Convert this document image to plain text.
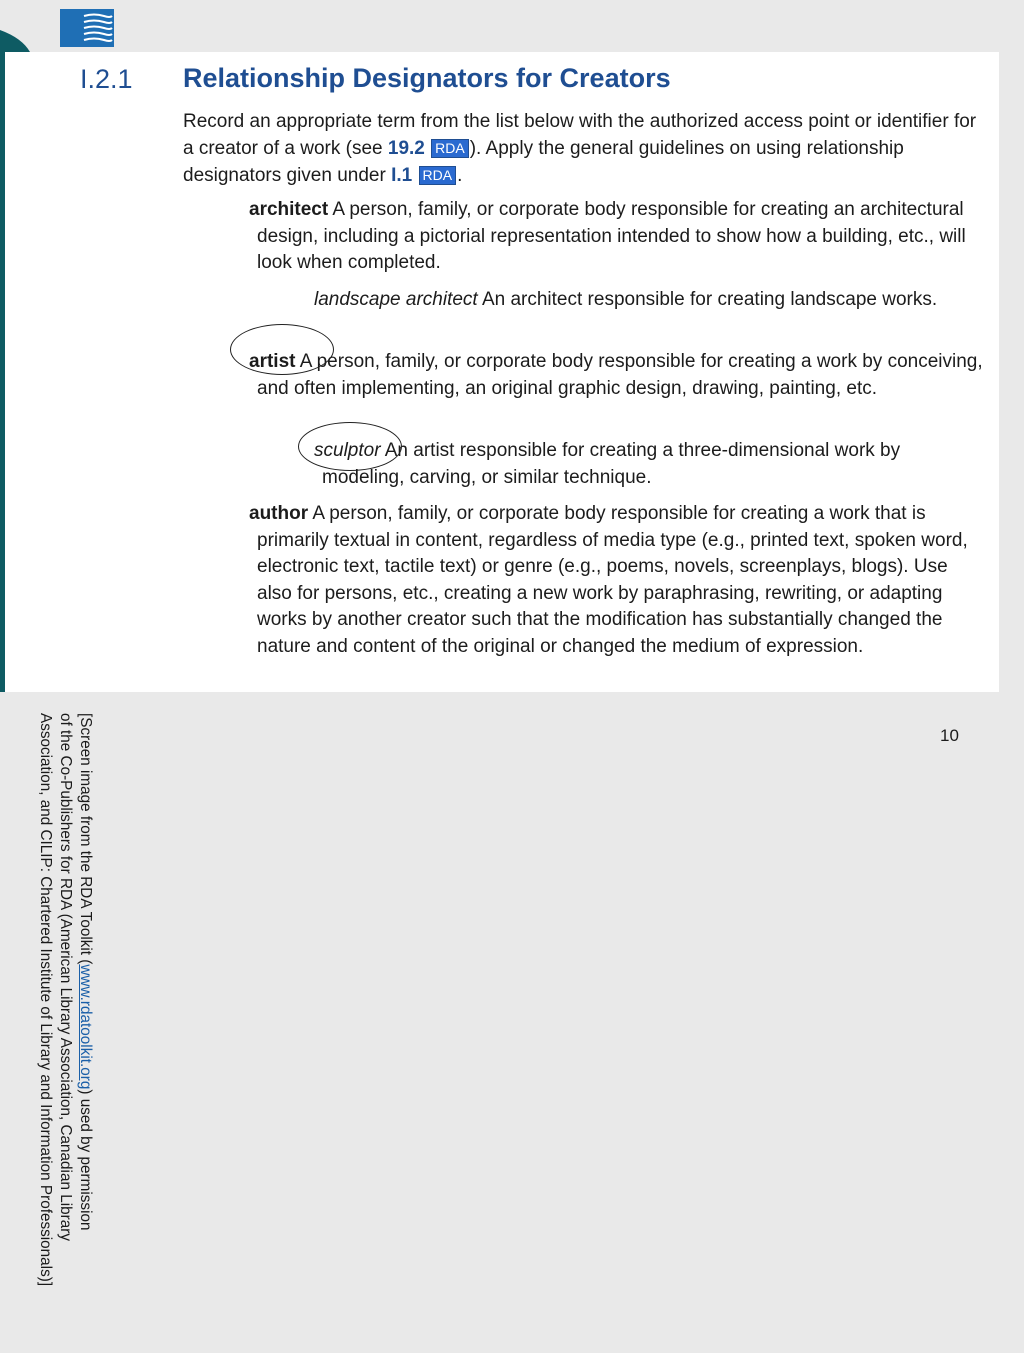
[Screen image from the RDA Toolkit (www.rdatoolkit.org) used by permission
of the Co-Publishers for RDA (American Library Association, Canadian Library
Association, and CILIP: Chartered Institute of Library and Information Professionals)]
I.2.1 Relationship Designators for Creators
Record an appropriate term from the list below with the authorized access point or identifier for a creator of a work (see 19.2 RDA ). Apply the general guidelines on using relationship designators given under I.1 RDA .
architect A person, family, or corporate body responsible for creating an architectural design, including a pictorial representation intended to show how a building, etc., will look when completed.
landscape architect An architect responsible for creating landscape works.
artist A person, family, or corporate body responsible for creating a work by conceiving, and often implementing, an original graphic design, drawing, painting, etc.
sculptor An artist responsible for creating a three-dimensional work by modeling, carving, or similar technique.
author A person, family, or corporate body responsible for creating a work that is primarily textual in content, regardless of media type (e.g., printed text, spoken word, electronic text, tactile text) or genre (e.g., poems, novels, screenplays, blogs). Use also for persons, etc., creating a new work by paraphrasing, rewriting, or adapting works by another creator such that the modification has substantially changed the nature and content of the original or changed the medium of expression.
10
